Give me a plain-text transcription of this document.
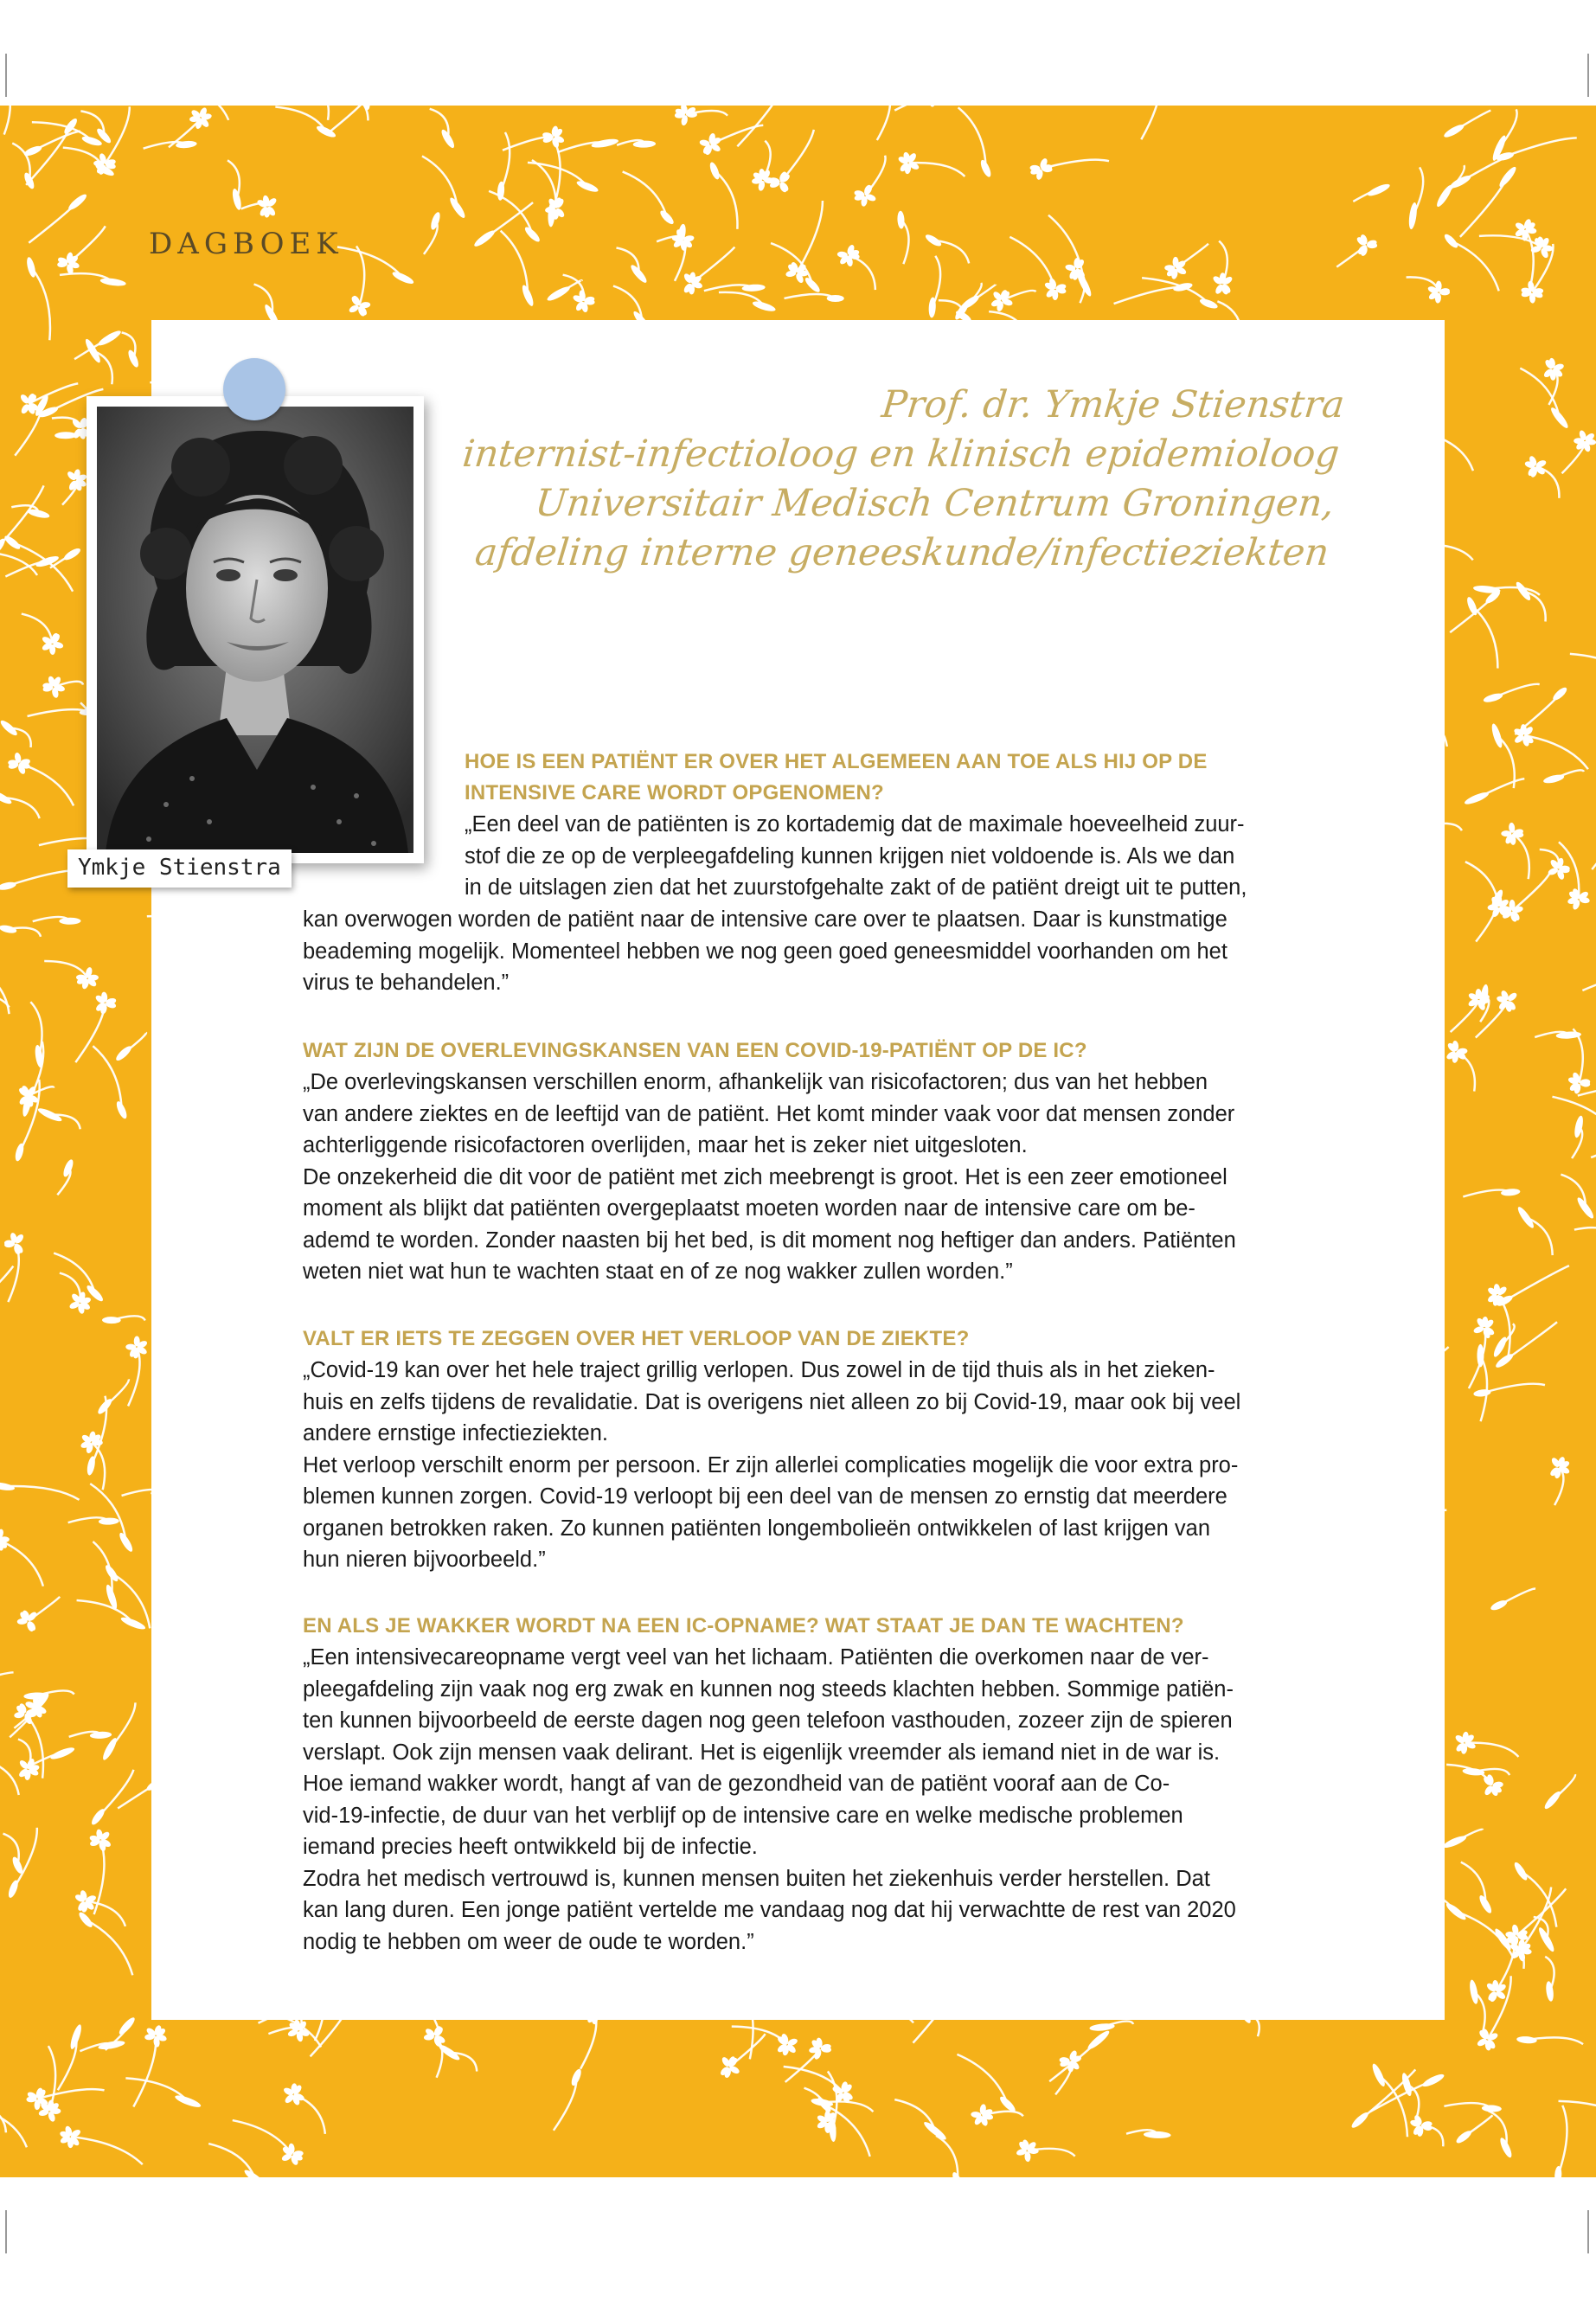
DAGBOEK
Ymkje Stienstra
Prof. dr. Ymkje Stienstra
internist-infectioloog en klinisch epidemioloog
Universitair Medisch Centrum Groningen,
afdeling interne geneeskunde/infectieziekten
HOE IS EEN PATIËNT ER OVER HET ALGEMEEN AAN TOE ALS HIJ OP DE
INTENSIVE CARE WORDT OPGENOMEN?
„Een deel van de patiënten is zo kortademig dat de maximale hoeveelheid zuur-
stof die ze op de verpleegafdeling kunnen krijgen niet voldoende is. Als we dan
in de uitslagen zien dat het zuurstofgehalte zakt of de patiënt dreigt uit te putten,
kan overwogen worden de patiënt naar de intensive care over te plaatsen. Daar is kunstmatige
beademing mogelijk. Momenteel hebben we nog geen goed geneesmiddel voorhanden om het
virus te behandelen.”
WAT ZIJN DE OVERLEVINGSKANSEN VAN EEN COVID-19-PATIËNT OP DE IC?
„De overlevingskansen verschillen enorm, afhankelijk van risicofactoren; dus van het hebben
van andere ziektes en de leeftijd van de patiënt. Het komt minder vaak voor dat mensen zonder
achterliggende risicofactoren overlijden, maar het is zeker niet uitgesloten.
De onzekerheid die dit voor de patiënt met zich meebrengt is groot. Het is een zeer emotioneel
moment als blijkt dat patiënten overgeplaatst moeten worden naar de intensive care om be-
ademd te worden. Zonder naasten bij het bed, is dit moment nog heftiger dan anders. Patiënten
weten niet wat hun te wachten staat en of ze nog wakker zullen worden.”
VALT ER IETS TE ZEGGEN OVER HET VERLOOP VAN DE ZIEKTE?
„Covid-19 kan over het hele traject grillig verlopen. Dus zowel in de tijd thuis als in het zieken-
huis en zelfs tijdens de revalidatie. Dat is overigens niet alleen zo bij Covid-19, maar ook bij veel
andere ernstige infectieziekten.
Het verloop verschilt enorm per persoon. Er zijn allerlei complicaties mogelijk die voor extra pro-
blemen kunnen zorgen. Covid-19 verloopt bij een deel van de mensen zo ernstig dat meerdere
organen betrokken raken. Zo kunnen patiënten longembolieën ontwikkelen of last krijgen van
hun nieren bijvoorbeeld.”
EN ALS JE WAKKER WORDT NA EEN IC-OPNAME? WAT STAAT JE DAN TE WACHTEN?
„Een intensivecareopname vergt veel van het lichaam. Patiënten die overkomen naar de ver-
pleegafdeling zijn vaak nog erg zwak en kunnen nog steeds klachten hebben. Sommige patiën-
ten kunnen bijvoorbeeld de eerste dagen nog geen telefoon vasthouden, zozeer zijn de spieren
verslapt. Ook zijn mensen vaak delirant. Het is eigenlijk vreemder als iemand niet in de war is.
Hoe iemand wakker wordt, hangt af van de gezondheid van de patiënt vooraf aan de Co-
vid-19-infectie, de duur van het verblijf op de intensive care en welke medische problemen
iemand precies heeft ontwikkeld bij de infectie.
Zodra het medisch vertrouwd is, kunnen mensen buiten het ziekenhuis verder herstellen. Dat
kan lang duren. Een jonge patiënt vertelde me vandaag nog dat hij verwachtte de rest van 2020
nodig te hebben om weer de oude te worden.”
